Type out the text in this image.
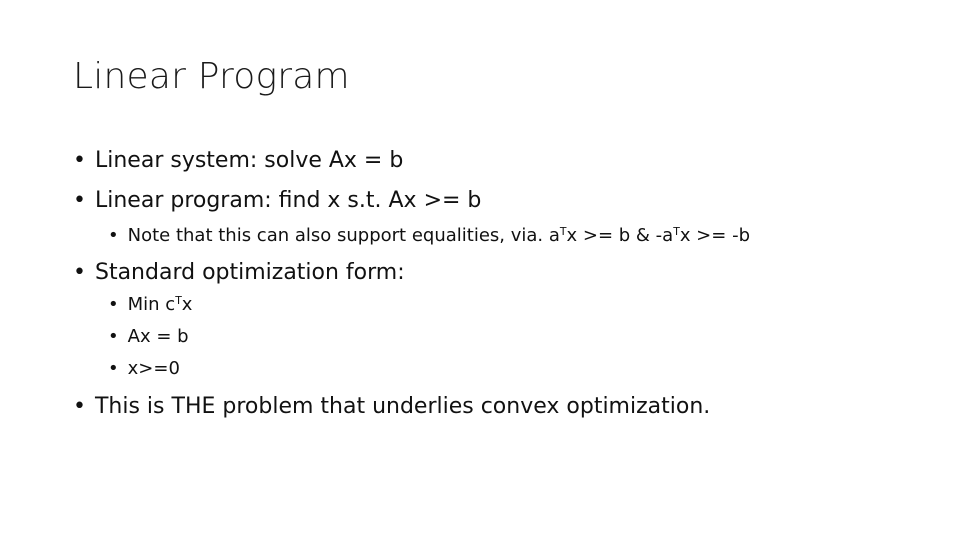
Linear Program
• Linear system: solve Ax = b
• Linear program: find x s.t. Ax >= b
• Note that this can also support equalities, via. $a^Tx >= b$ & $-a^Tx >= -b$
• Standard optimization form:
• Min $c^Tx$
• Ax = b
• x>=0
• This is THE problem that underlies convex optimization.
